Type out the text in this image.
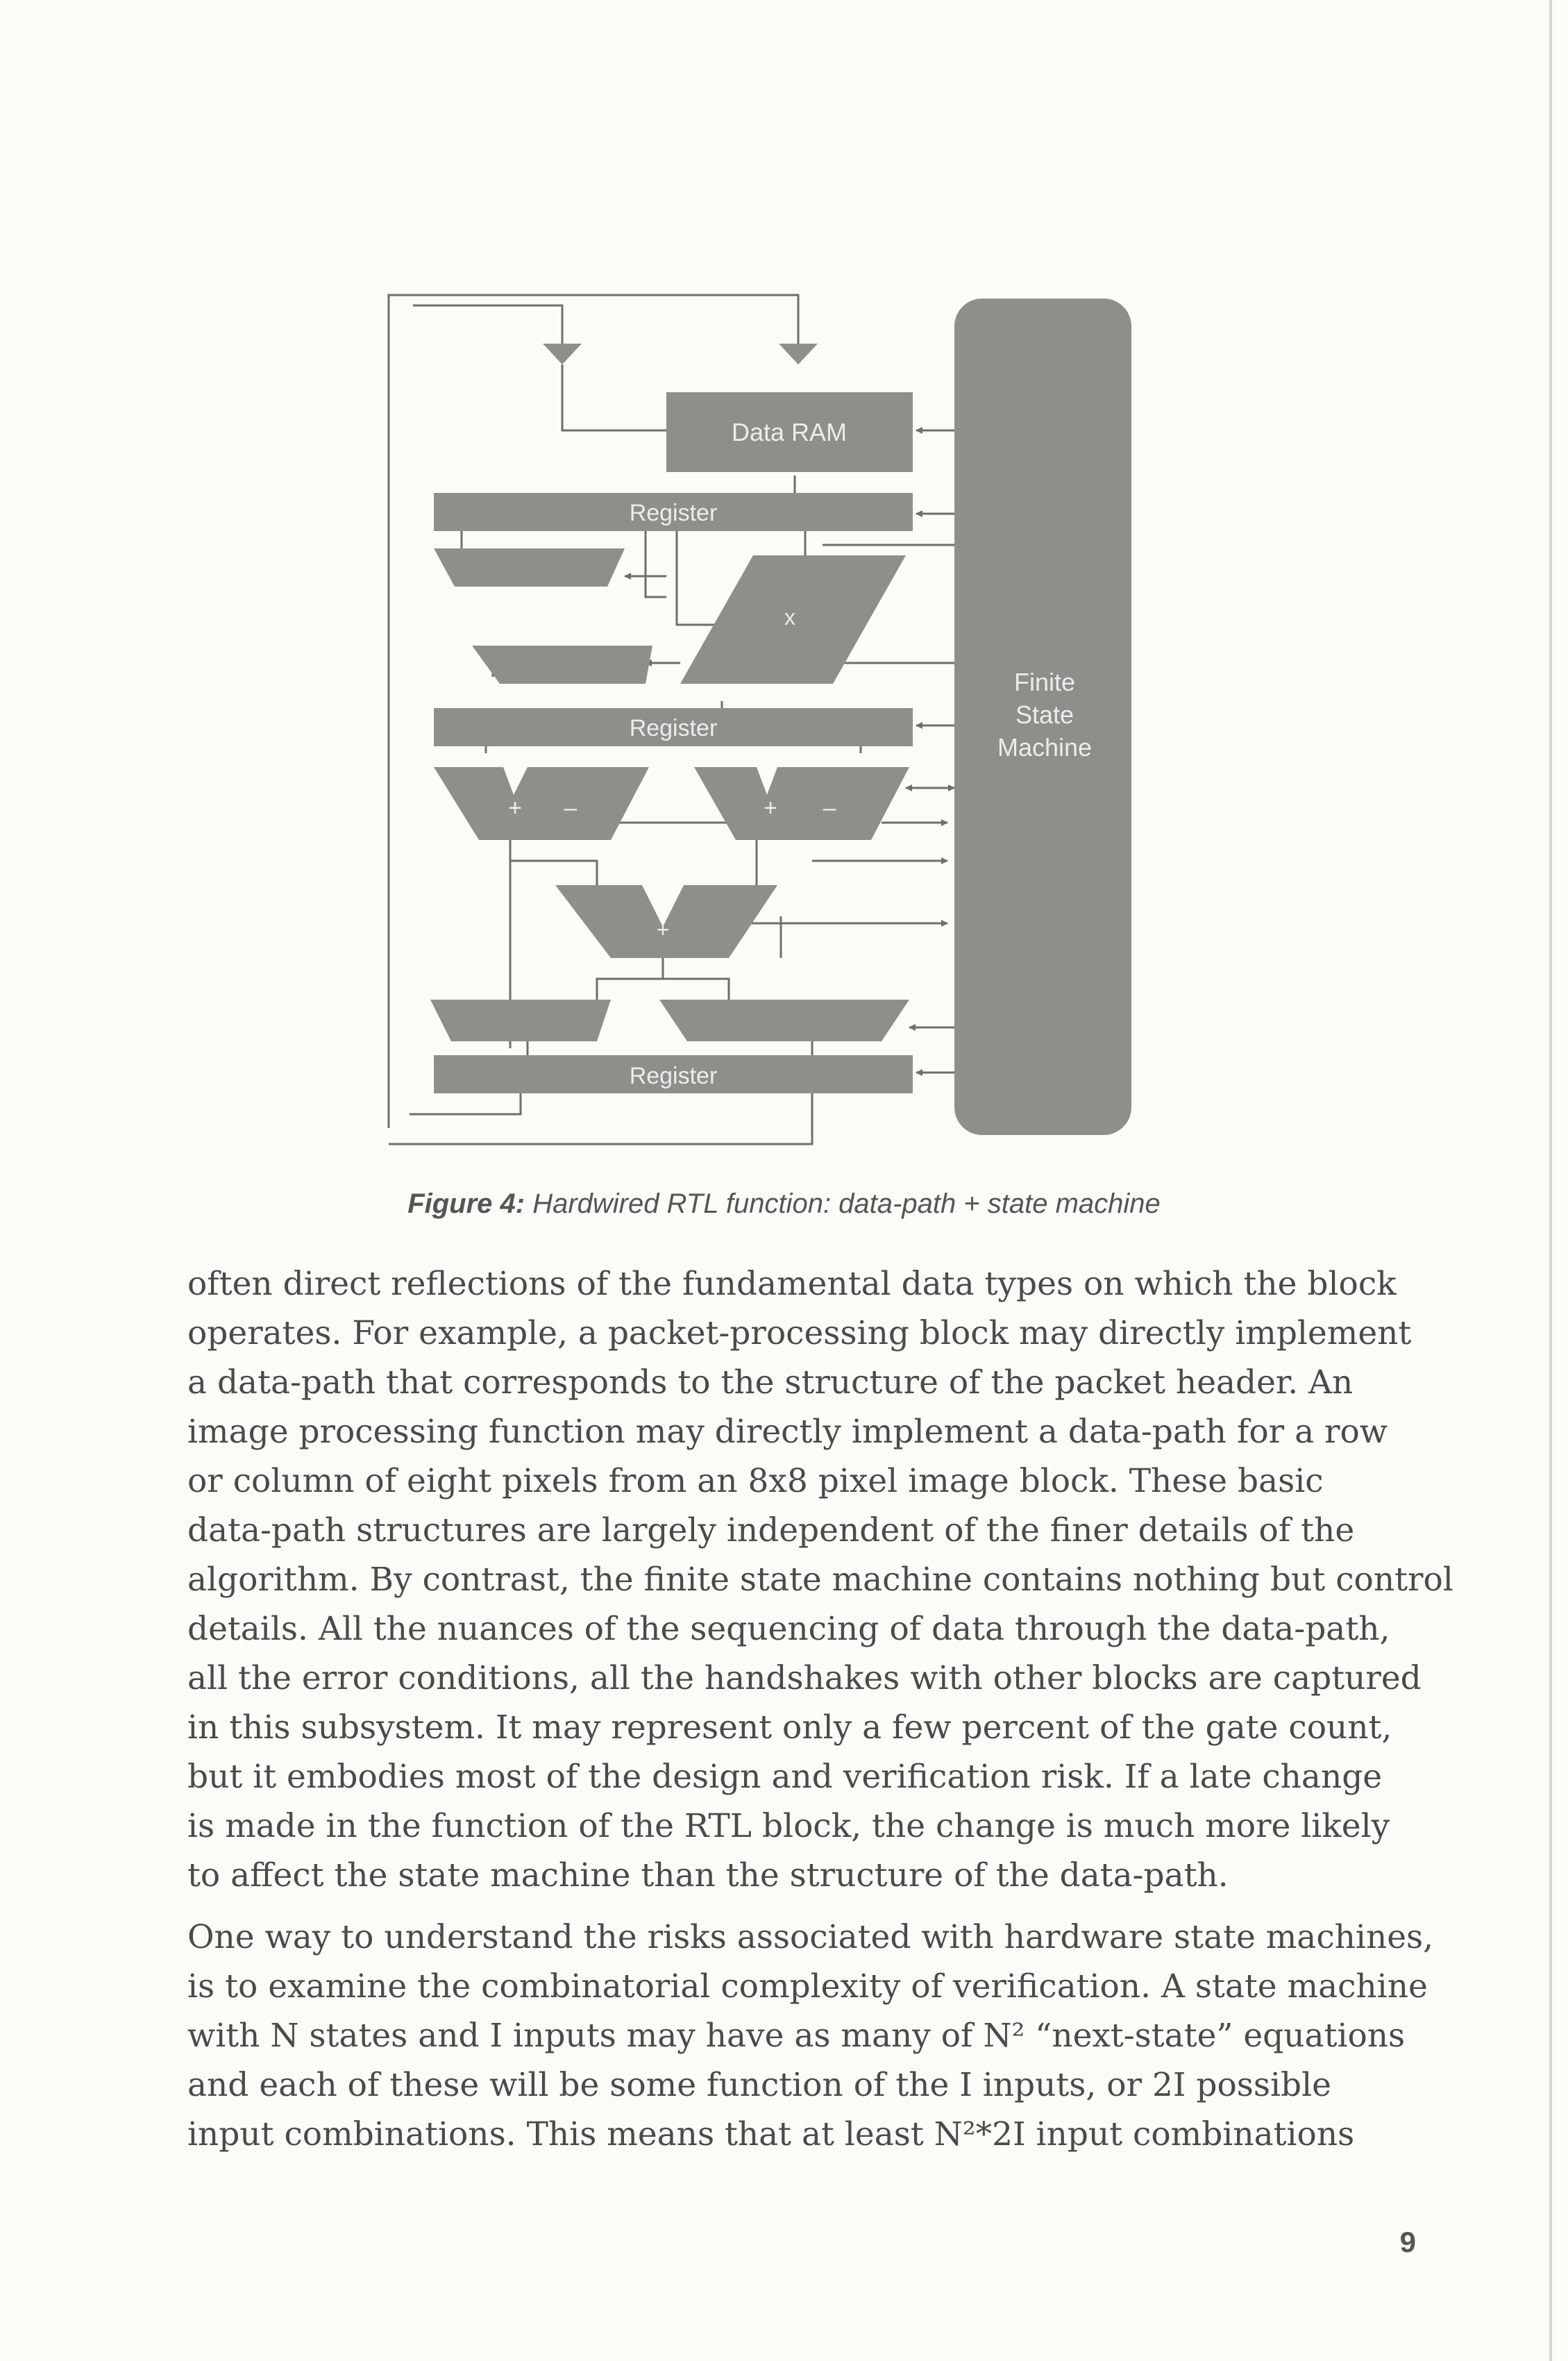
Data RAM
Register
x
Register
+ –	+ –
+
Register
Finite
State
Machine
Figure 4: Hardwired RTL function: data-path + state machine
often direct reflections of the fundamental data types on which the block
operates. For example, a packet-processing block may directly implement
a data-path that corresponds to the structure of the packet header. An
image processing function may directly implement a data-path for a row
or column of eight pixels from an 8x8 pixel image block. These basic
data-path structures are largely independent of the finer details of the
algorithm. By contrast, the finite state machine contains nothing but control
details. All the nuances of the sequencing of data through the data-path,
all the error conditions, all the handshakes with other blocks are captured
in this subsystem. It may represent only a few percent of the gate count,
but it embodies most of the design and verification risk. If a late change
is made in the function of the RTL block, the change is much more likely
to affect the state machine than the structure of the data-path.
One way to understand the risks associated with hardware state machines,
is to examine the combinatorial complexity of verification. A state machine
with N states and I inputs may have as many of N² “next-state” equations
and each of these will be some function of the I inputs, or 2I possible
input combinations. This means that at least N²*2I input combinations
9
